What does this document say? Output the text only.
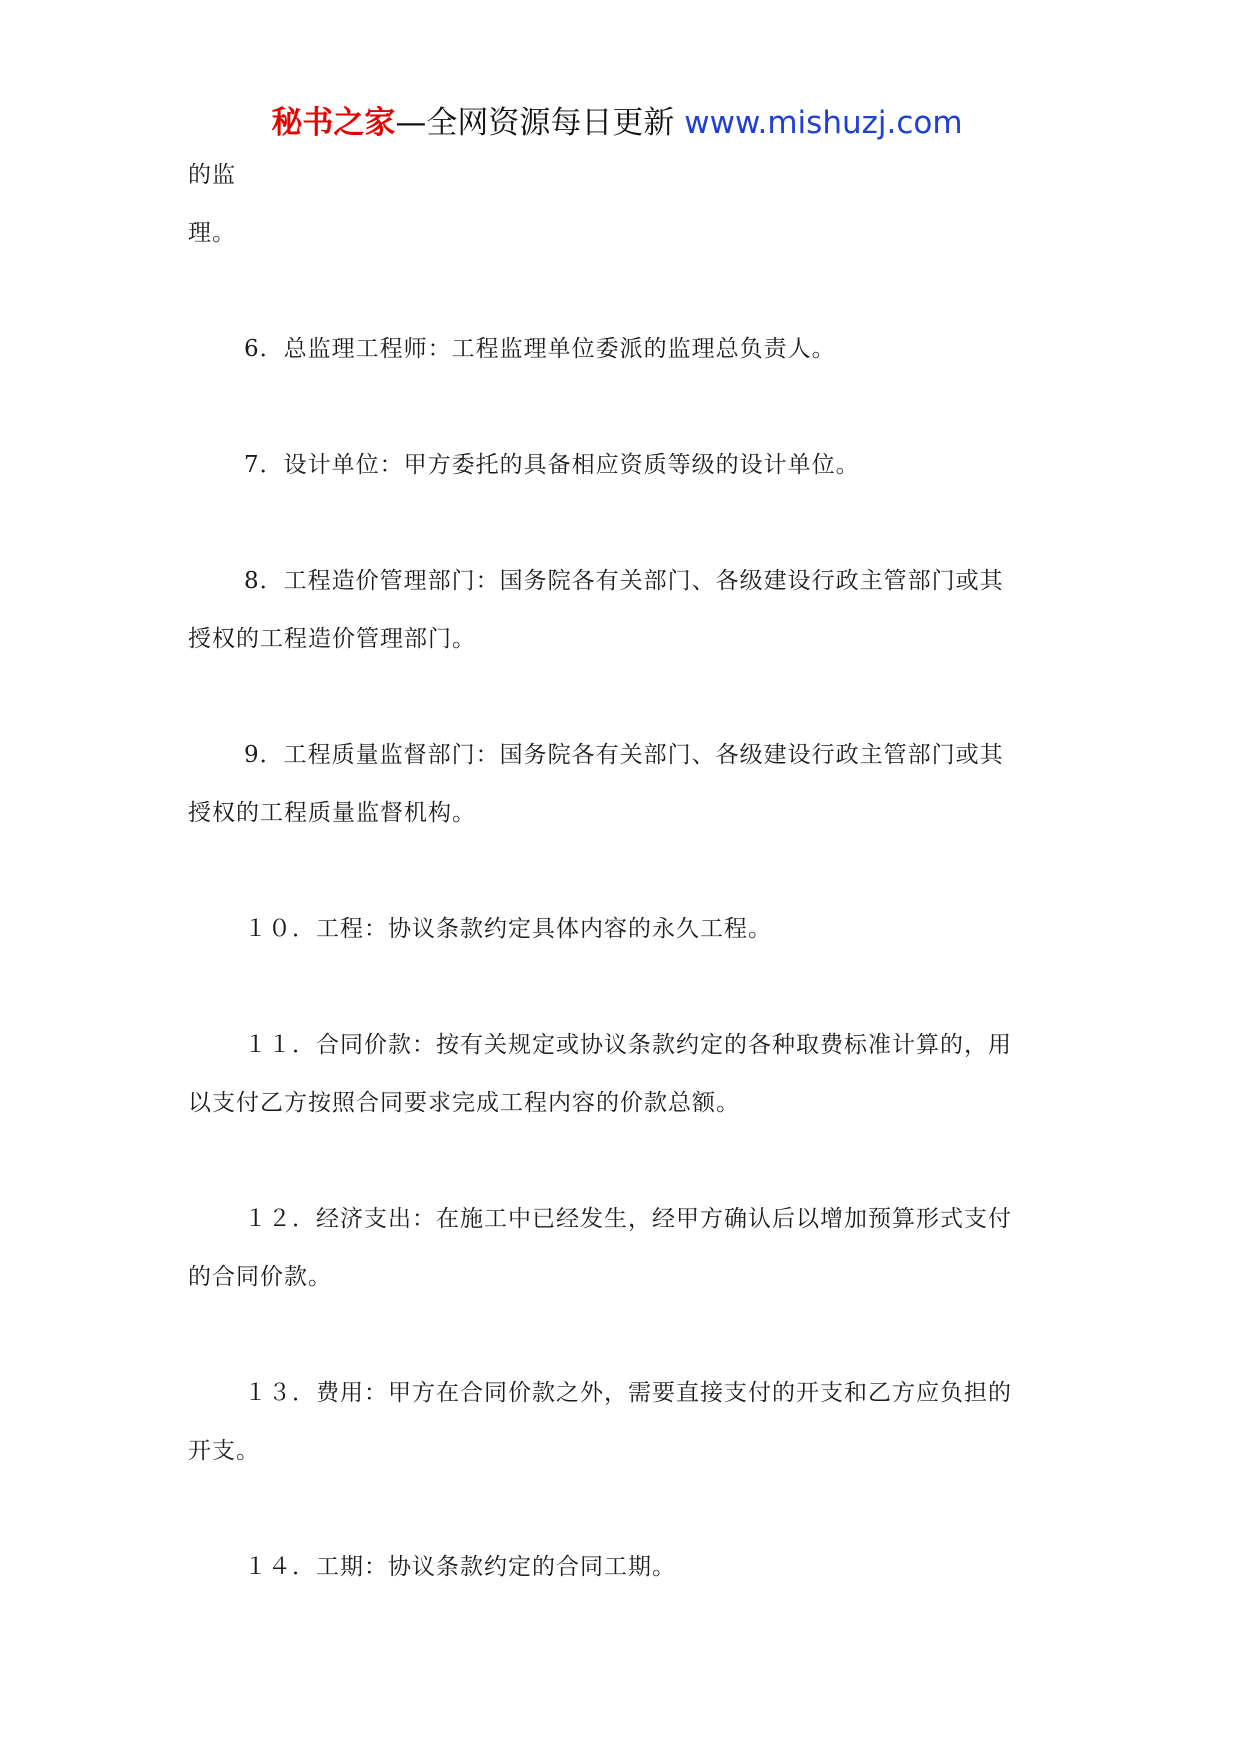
秘书之家—全网资源每日更新 www.mishuzj.com
的监
理。
6．总监理工程师：工程监理单位委派的监理总负责人。
7．设计单位：甲方委托的具备相应资质等级的设计单位。
8．工程造价管理部门：国务院各有关部门、各级建设行政主管部门或其
授权的工程造价管理部门。
9．工程质量监督部门：国务院各有关部门、各级建设行政主管部门或其
授权的工程质量监督机构。
１０．工程：协议条款约定具体内容的永久工程。
１１．合同价款：按有关规定或协议条款约定的各种取费标准计算的，用
以支付乙方按照合同要求完成工程内容的价款总额。
１２．经济支出：在施工中已经发生，经甲方确认后以增加预算形式支付
的合同价款。
１３．费用：甲方在合同价款之外，需要直接支付的开支和乙方应负担的
开支。
１４．工期：协议条款约定的合同工期。
